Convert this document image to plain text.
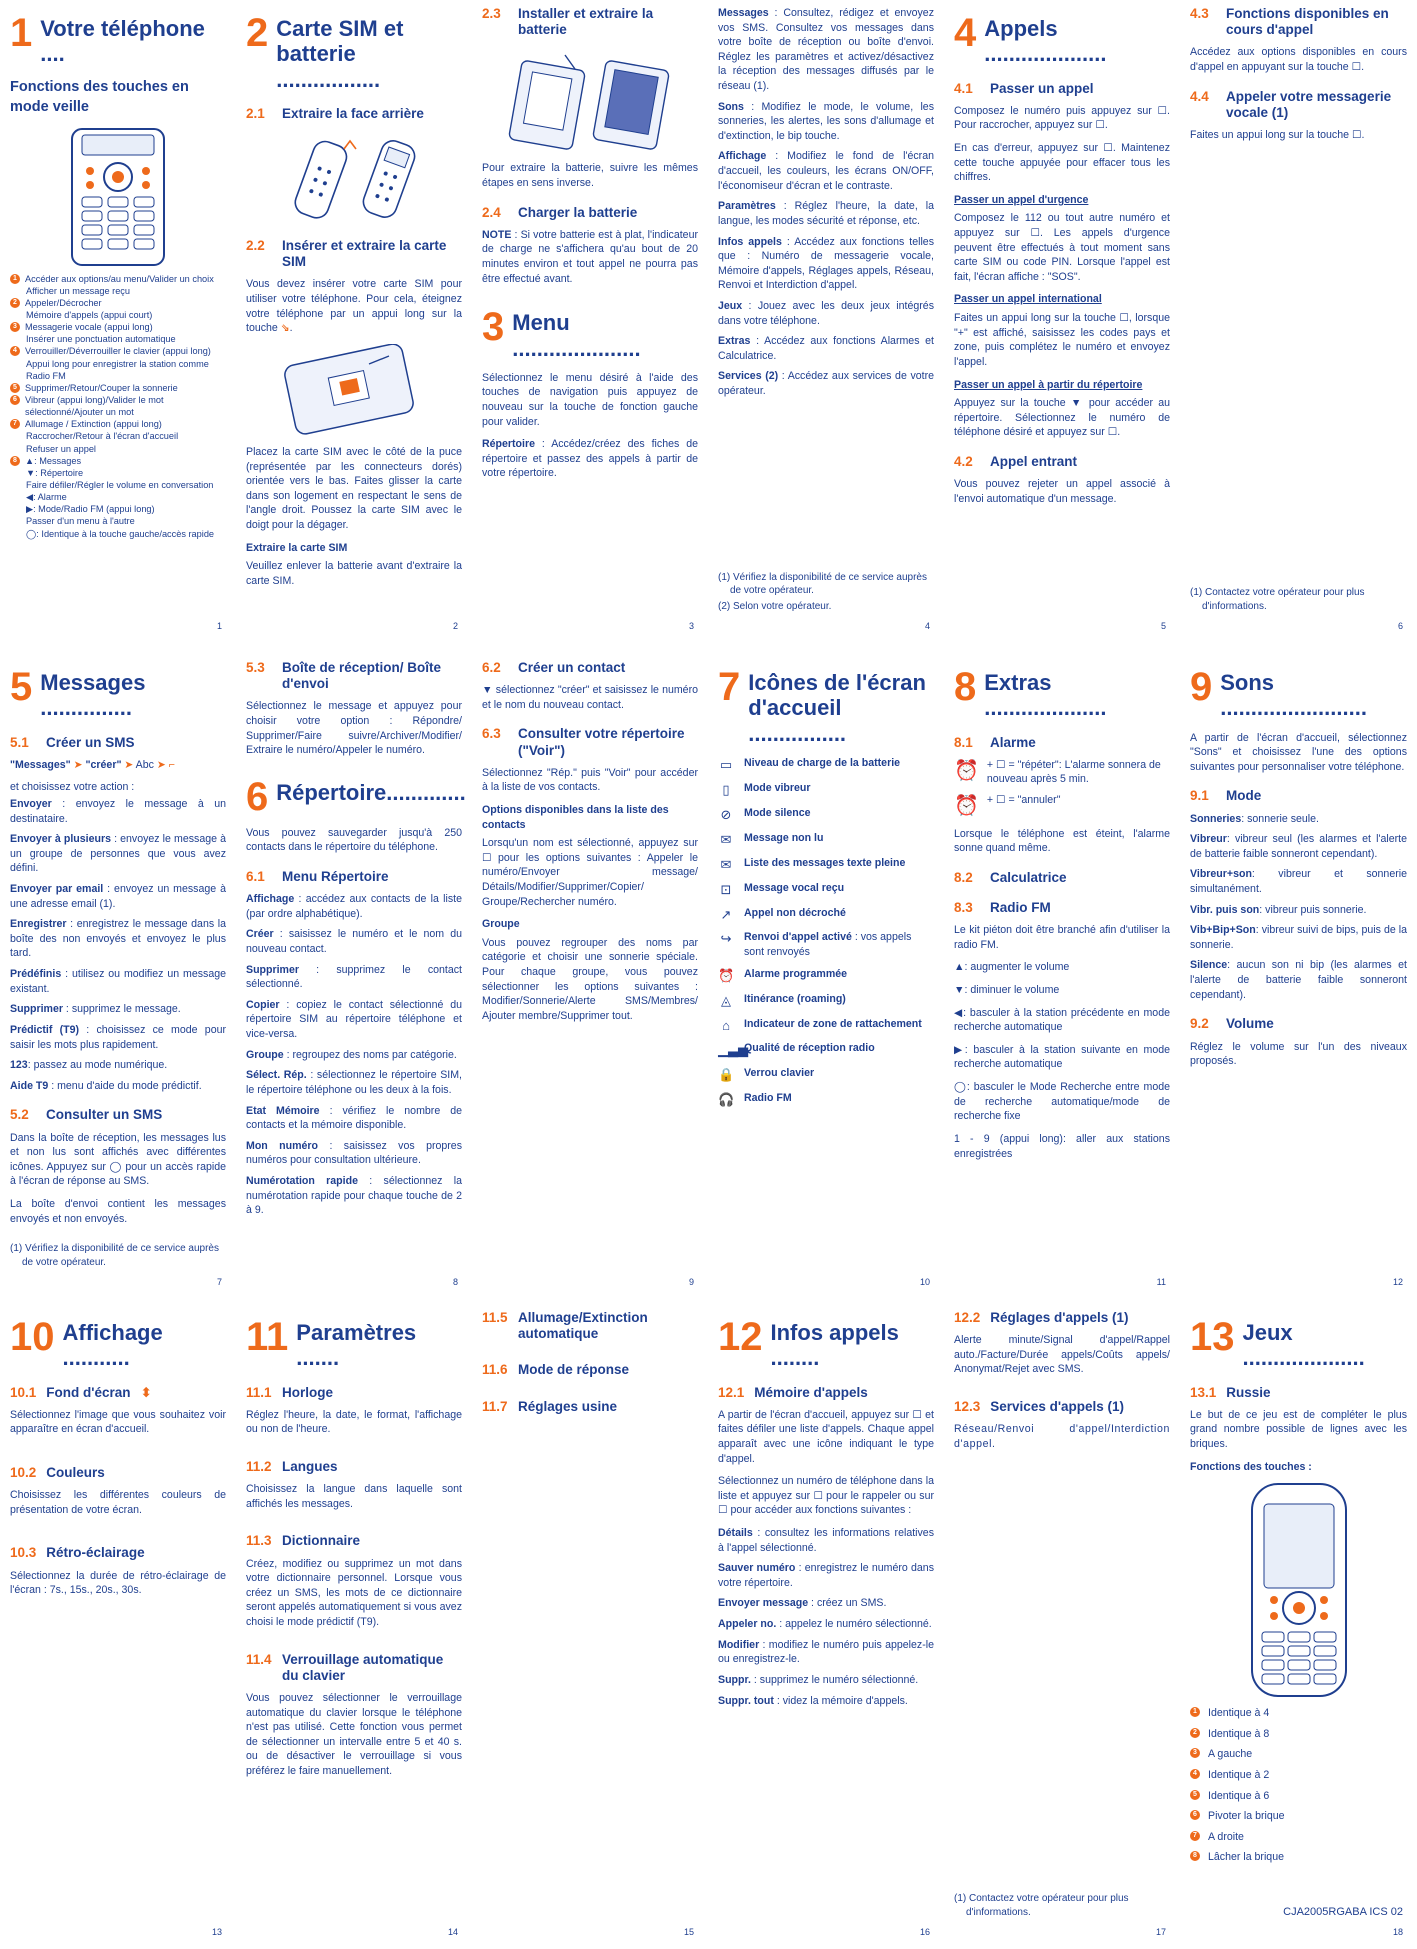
1 Votre téléphone ....
Fonctions des touches en mode veille
1 Accéder aux options/au menu/Valider un choix
Afficher un message reçu
2 Appeler/Décrocher
Mémoire d'appels (appui court)
3 Messagerie vocale (appui long)
Insérer une ponctuation automatique
4 Verrouiller/Déverrouiller le clavier (appui long)
Appui long pour enregistrer la station comme Radio FM
5 Supprimer/Retour/Couper la sonnerie
6 Vibreur (appui long)/Valider le mot sélectionné/Ajouter un mot
7 Allumage / Extinction (appui long)
Raccrocher/Retour à l'écran d'accueil
Refuser un appel
8 ▲: Messages
▼: Répertoire
Faire défiler/Régler le volume en conversation
◀: Alarme
▶: Mode/Radio FM (appui long)
Passer d'un menu à l'autre
◯: Identique à la touche gauche/accès rapide
1
2 Carte SIM et batterie .................
2.1	Extraire la face arrière
2.2	Insérer et extraire la carte SIM

Vous devez insérer votre carte SIM pour utiliser votre téléphone. Pour cela, éteignez votre téléphone par un appui long sur la touche ⇘.

Placez la carte SIM avec le côté de la puce (représentée par les connecteurs dorés) orientée vers le bas. Faites glisser la carte dans son logement en respectant le sens de l'angle droit. Poussez la carte SIM avec le doigt pour la dégager.

Extraire la carte SIM

Veuillez enlever la batterie avant d'extraire la carte SIM.

2
2.3	Installer et extraire la batterie

Pour extraire la batterie, suivre les mêmes étapes en sens inverse.

2.4	Charger la batterie

NOTE : Si votre batterie est à plat, l'indicateur de charge ne s'affichera qu'au bout de 20 minutes environ et tout appel ne pourra pas être effectué avant.

3 Menu .....................

Sélectionnez le menu désiré à l'aide des touches de navigation puis appuyez de nouveau sur la touche de fonction gauche pour valider.

Répertoire : Accédez/créez des fiches de répertoire et passez des appels à partir de votre répertoire.

3

Messages : Consultez, rédigez et envoyez vos SMS. Consultez vos messages dans votre boîte de réception ou boîte d'envoi. Réglez les paramètres et activez/désactivez la réception des messages diffusés par le réseau (1).

Sons : Modifiez le mode, le volume, les sonneries, les alertes, les sons d'allumage et d'extinction, le bip touche.

Affichage : Modifiez le fond de l'écran d'accueil, les couleurs, les écrans ON/OFF, l'économiseur d'écran et le contraste.

Paramètres : Réglez l'heure, la date, la langue, les modes sécurité et réponse, etc.

Infos appels : Accédez aux fonctions telles que : Numéro de messagerie vocale, Mémoire d'appels, Réglages appels, Réseau, Renvoi et Interdiction d'appel.

Jeux : Jouez avec les deux jeux intégrés dans votre téléphone.

Extras : Accédez aux fonctions Alarmes et Calculatrice.

Services (2) : Accédez aux services de votre opérateur.

(1) Vérifiez la disponibilité de ce service auprès de votre opérateur.
(2) Selon votre opérateur.
4
4 Appels ....................
4.1	Passer un appel

Composez le numéro puis appuyez sur ☐. Pour raccrocher, appuyez sur ☐.

En cas d'erreur, appuyez sur ☐. Maintenez cette touche appuyée pour effacer tous les chiffres.

Passer un appel d'urgence

Composez le 112 ou tout autre numéro et appuyez sur ☐. Les appels d'urgence peuvent être effectués à tout moment sans carte SIM ou code PIN. Lorsque l'appel est fait, l'écran affiche : "SOS".

Passer un appel international

Faites un appui long sur la touche ☐, lorsque "+" est affiché, saisissez les codes pays et zone, puis complétez le numéro et envoyez l'appel.

Passer un appel à partir du répertoire

Appuyez sur la touche ▼ pour accéder au répertoire. Sélectionnez le numéro de téléphone désiré et appuyez sur ☐.

4.2	Appel entrant

Vous pouvez rejeter un appel associé à l'envoi automatique d'un message.

5
4.3	Fonctions disponibles en cours d'appel

Accédez aux options disponibles en cours d'appel en appuyant sur la touche ☐.

4.4	Appeler votre messagerie vocale (1)

Faites un appui long sur la touche ☐.

(1) Contactez votre opérateur pour plus d'informations.
6
5 Messages ...............
5.1	Créer un SMS

"Messages" ➤ "créer" ➤ Abc ➤ ⌐

et choisissez votre action :

Envoyer : envoyez le message à un destinataire.

Envoyer à plusieurs : envoyez le message à un groupe de personnes que vous avez défini.

Envoyer par email : envoyez un message à une adresse email (1).

Enregistrer : enregistrez le message dans la boîte des non envoyés et envoyez le plus tard.

Prédéfinis : utilisez ou modifiez un message existant.

Supprimer : supprimez le message.

Prédictif (T9) : choisissez ce mode pour saisir les mots plus rapidement.

123: passez au mode numérique.

Aide T9 : menu d'aide du mode prédictif.

5.2	Consulter un SMS

Dans la boîte de réception, les messages lus et non lus sont affichés avec différentes icônes. Appuyez sur ◯ pour un accès rapide à l'écran de réponse au SMS.

La boîte d'envoi contient les messages envoyés et non envoyés.

(1) Vérifiez la disponibilité de ce service auprès de votre opérateur.
7
5.3	Boîte de réception/ Boîte d'envoi

Sélectionnez le message et appuyez pour choisir votre option : Répondre/ Supprimer/Faire suivre/Archiver/Modifier/ Extraire le numéro/Appeler le numéro.

6 Répertoire.............

Vous pouvez sauvegarder jusqu'à 250 contacts dans le répertoire du téléphone.

6.1	Menu Répertoire

Affichage : accédez aux contacts de la liste (par ordre alphabétique).

Créer : saisissez le numéro et le nom du nouveau contact.

Supprimer : supprimez le contact sélectionné.

Copier : copiez le contact sélectionné du répertoire SIM au répertoire téléphone et vice-versa.

Groupe : regroupez des noms par catégorie.

Sélect. Rép. : sélectionnez le répertoire SIM, le répertoire téléphone ou les deux à la fois.

Etat Mémoire : vérifiez le nombre de contacts et la mémoire disponible.

Mon numéro : saisissez vos propres numéros pour consultation ultérieure.

Numérotation rapide : sélectionnez la numérotation rapide pour chaque touche de 2 à 9.

8
6.2	Créer un contact

▼ sélectionnez "créer" et saisissez le numéro et le nom du nouveau contact.

6.3	Consulter votre répertoire ("Voir")

Sélectionnez "Rép." puis "Voir" pour accéder à la liste de vos contacts.

Options disponibles dans la liste des contacts

Lorsqu'un nom est sélectionné, appuyez sur ☐ pour les options suivantes : Appeler le numéro/Envoyer message/ Détails/Modifier/Supprimer/Copier/ Groupe/Rechercher numéro.

Groupe

Vous pouvez regrouper des noms par catégorie et choisir une sonnerie spéciale. Pour chaque groupe, vous pouvez sélectionner les options suivantes : Modifier/Sonnerie/Alerte SMS/Membres/ Ajouter membre/Supprimer tout.

9
7 Icônes de l'écran d'accueil ................
▭ Niveau de charge de la batterie
▯	Mode vibreur
⊘ Mode silence
✉ Message non lu
✉ Liste des messages texte pleine
⊡ Message vocal reçu
↗ Appel non décroché
↪ Renvoi d'appel activé : vos appels sont renvoyés
⏰ Alarme programmée
◬ Itinérance (roaming)
⌂	Indicateur de zone de rattachement
▁▃▅
Qualité de réception radio
🔒 Verrou clavier
🎧 Radio FM
10
8 Extras ....................
8.1	Alarme
⏰ + ☐ = "répéter": L'alarme sonnera de nouveau après 5 min.
⏰ + ☐ = "annuler"

Lorsque le téléphone est éteint, l'alarme sonne quand même.

8.2	Calculatrice
8.3	Radio FM

Le kit piéton doit être branché afin d'utiliser la radio FM.

▲: augmenter le volume

▼: diminuer le volume

◀: basculer à la station précédente en mode recherche automatique

▶: basculer à la station suivante en mode recherche automatique

◯: basculer le Mode Recherche entre mode de recherche automatique/mode de recherche fixe

1 - 9 (appui long): aller aux stations enregistrées

11
9 Sons ........................

A partir de l'écran d'accueil, sélectionnez "Sons" et choisissez l'une des options suivantes pour personnaliser votre téléphone.

9.1	Mode

Sonneries: sonnerie seule.

Vibreur: vibreur seul (les alarmes et l'alerte de batterie faible sonneront cependant).

Vibreur+son: vibreur et sonnerie simultanément.

Vibr. puis son: vibreur puis sonnerie.

Vib+Bip+Son: vibreur suivi de bips, puis de la sonnerie.

Silence: aucun son ni bip (les alarmes et l'alerte de batterie faible sonneront cependant).

9.2	Volume

Réglez le volume sur l'un des niveaux proposés.

12
10 Affichage ...........
10.1 Fond d'écran ⬍

Sélectionnez l'image que vous souhaitez voir apparaître en écran d'accueil.

10.2 Couleurs

Choisissez les différentes couleurs de présentation de votre écran.

10.3 Rétro-éclairage

Sélectionnez la durée de rétro-éclairage de l'écran : 7s., 15s., 20s., 30s.

13
11 Paramètres .......
11.1 Horloge

Réglez l'heure, la date, le format, l'affichage ou non de l'heure.

11.2 Langues

Choisissez la langue dans laquelle sont affichés les messages.

11.3 Dictionnaire

Créez, modifiez ou supprimez un mot dans votre dictionnaire personnel. Lorsque vous créez un SMS, les mots de ce dictionnaire seront appelés automatiquement si vous avez choisi le mode prédictif (T9).

11.4 Verrouillage automatique du clavier

Vous pouvez sélectionner le verrouillage automatique du clavier lorsque le téléphone n'est pas utilisé. Cette fonction vous permet de sélectionner un intervalle entre 5 et 40 s. ou de désactiver le verrouillage si vous préférez le faire manuellement.

14
11.5 Allumage/Extinction automatique
11.6 Mode de réponse
11.7 Réglages usine
15
12 Infos appels ........
12.1 Mémoire d'appels

A partir de l'écran d'accueil, appuyez sur ☐ et faites défiler une liste d'appels. Chaque appel apparaît avec une icône indiquant le type d'appel.

Sélectionnez un numéro de téléphone dans la liste et appuyez sur ☐ pour le rappeler ou sur ☐ pour accéder aux fonctions suivantes :

Détails : consultez les informations relatives à l'appel sélectionné.

Sauver numéro : enregistrez le numéro dans votre répertoire.

Envoyer message : créez un SMS.

Appeler no. : appelez le numéro sélectionné.

Modifier : modifiez le numéro puis appelez-le ou enregistrez-le.

Suppr. : supprimez le numéro sélectionné.

Suppr. tout : videz la mémoire d'appels.

16
12.2 Réglages d'appels (1)

Alerte minute/Signal d'appel/Rappel auto./Facture/Durée appels/Coûts appels/ Anonymat/Rejet avec SMS.

12.3 Services d'appels (1)

Réseau/Renvoi d'appel/Interdiction d'appel.

(1) Contactez votre opérateur pour plus d'informations.
17
13 Jeux ....................
13.1 Russie

Le but de ce jeu est de compléter le plus grand nombre possible de lignes avec les briques.

Fonctions des touches :
1 Identique à 4
2 Identique à 8
3 A gauche
4 Identique à 2
5 Identique à 6
6 Pivoter la brique
7 A droite
8 Lâcher la brique
CJA2005RGABA ICS 02
18
